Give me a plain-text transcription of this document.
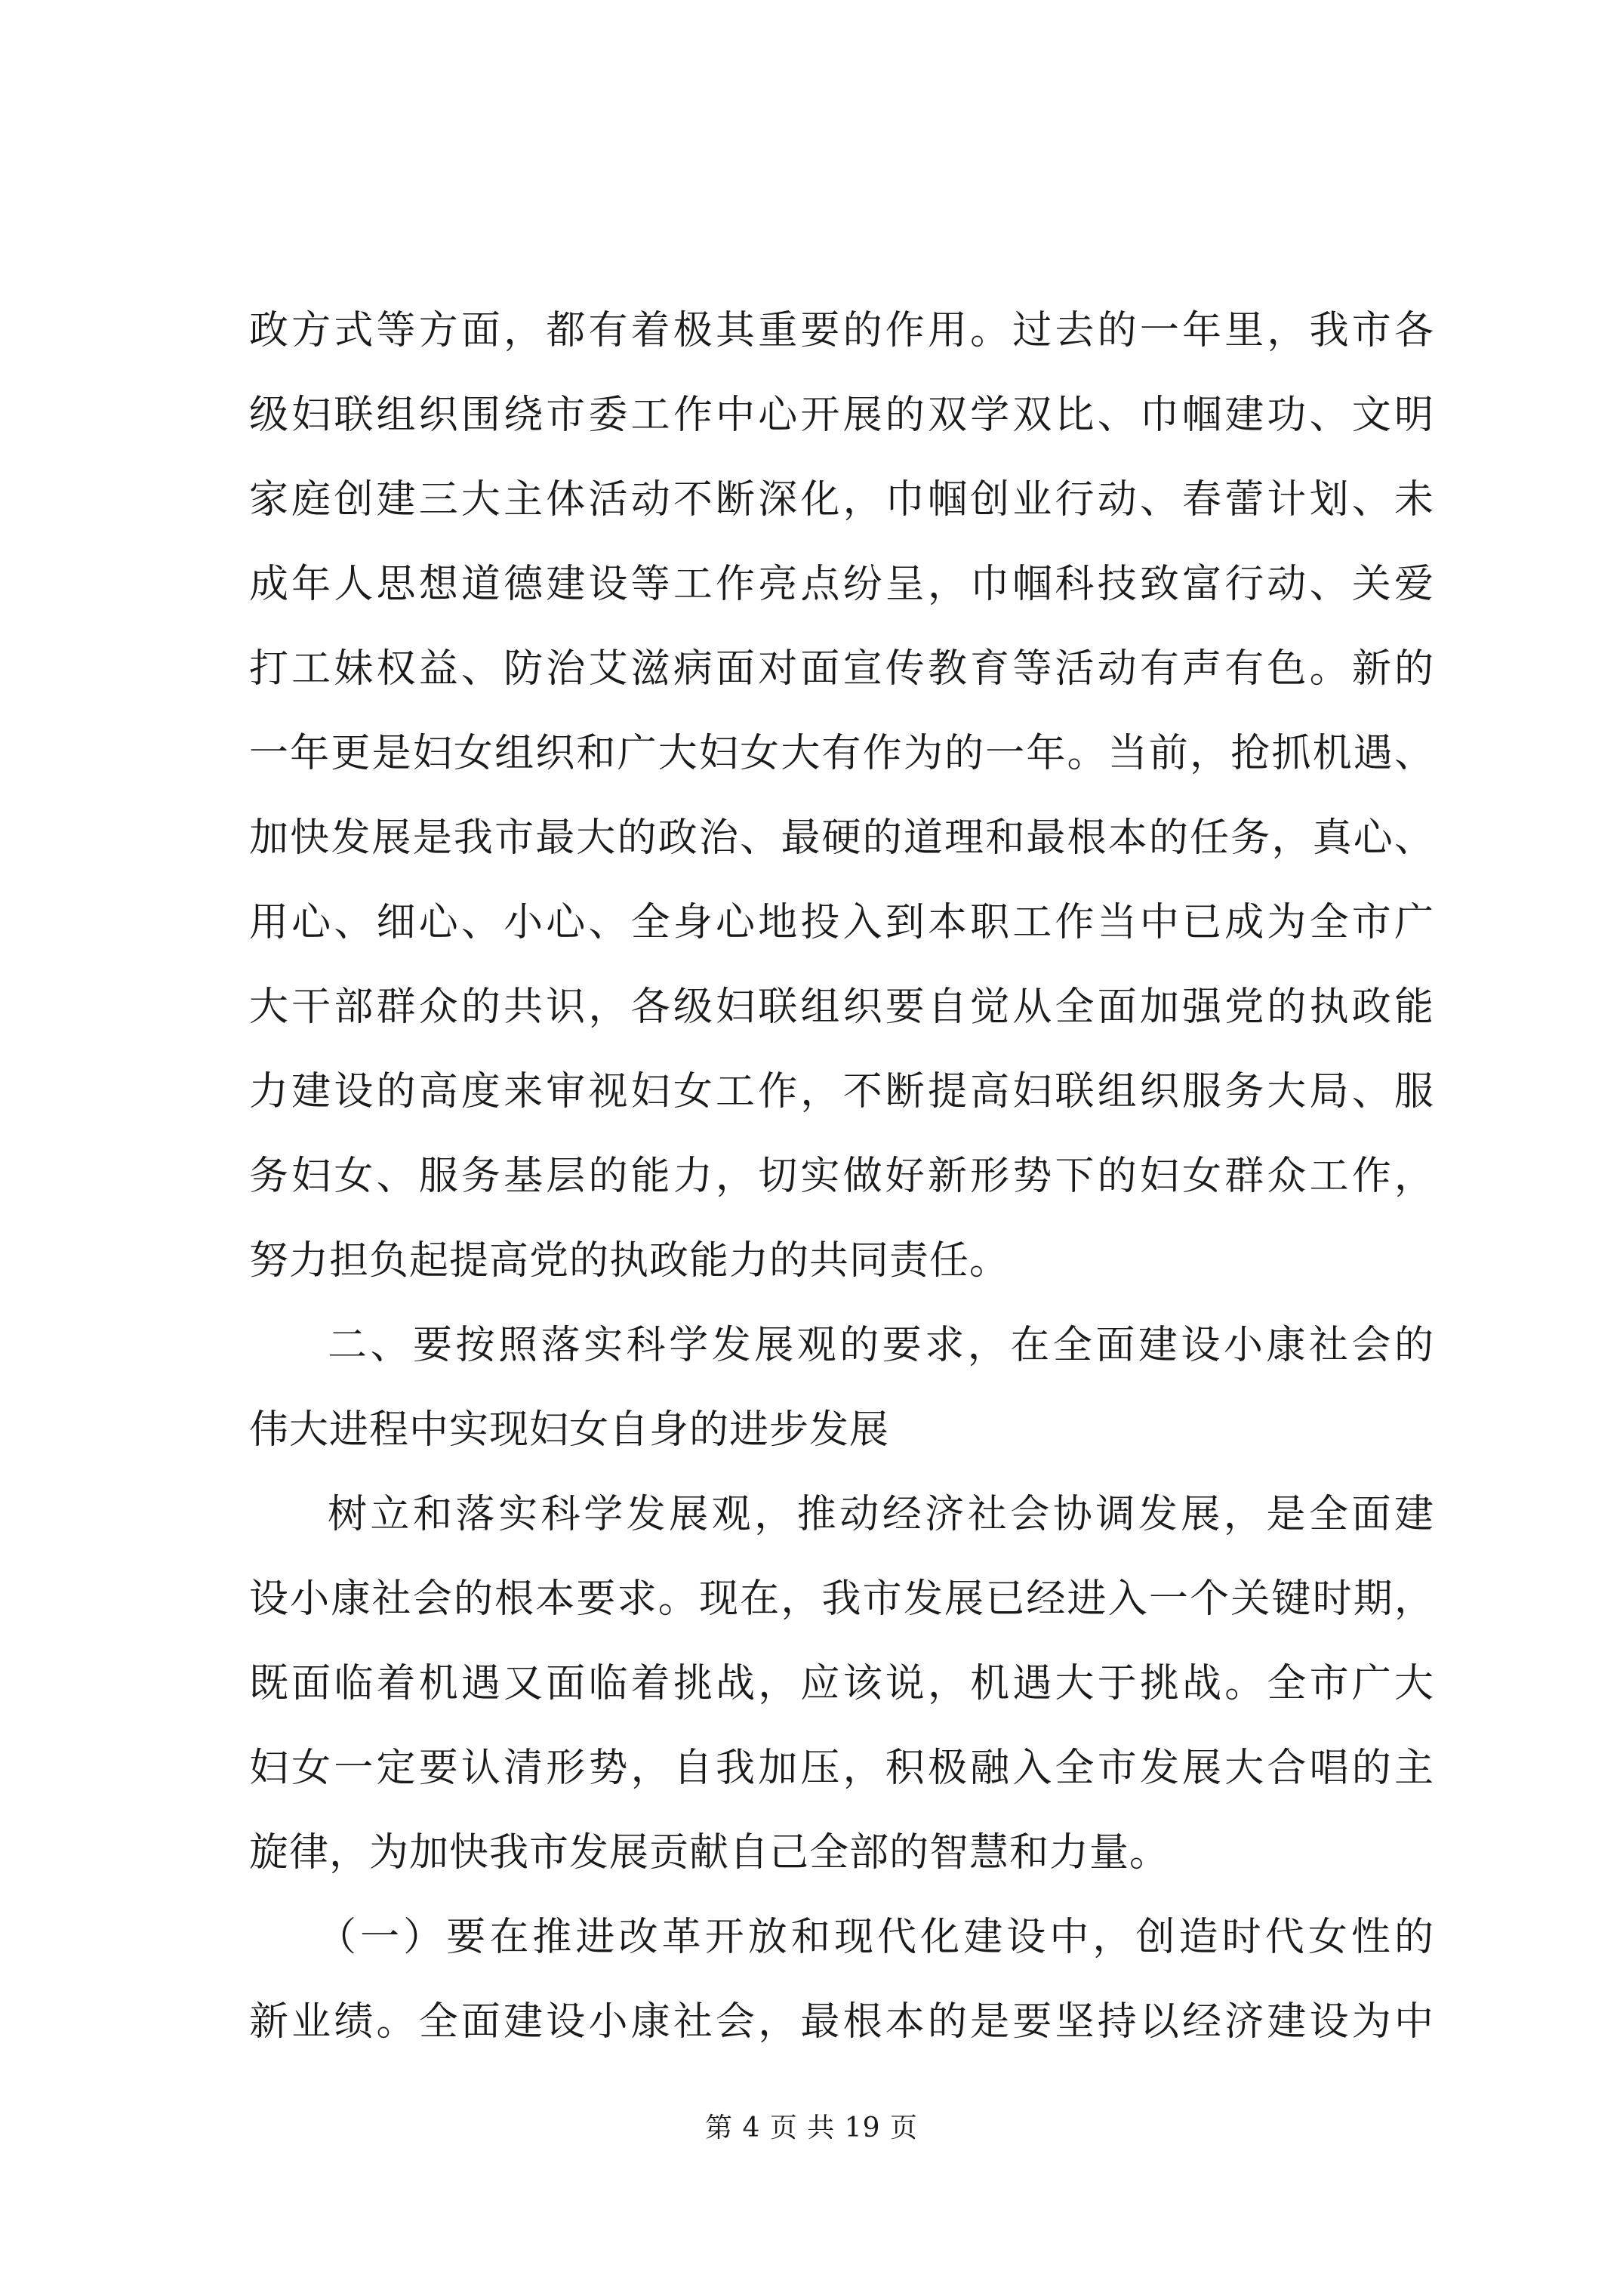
政方式等方面，都有着极其重要的作用。过去的一年里，我市各
级妇联组织围绕市委工作中心开展的双学双比、巾帼建功、文明
家庭创建三大主体活动不断深化，巾帼创业行动、春蕾计划、未
成年人思想道德建设等工作亮点纷呈，巾帼科技致富行动、关爱
打工妹权益、防治艾滋病面对面宣传教育等活动有声有色。新的
一年更是妇女组织和广大妇女大有作为的一年。当前，抢抓机遇、
加快发展是我市最大的政治、最硬的道理和最根本的任务，真心、
用心、细心、小心、全身心地投入到本职工作当中已成为全市广
大干部群众的共识，各级妇联组织要自觉从全面加强党的执政能
力建设的高度来审视妇女工作，不断提高妇联组织服务大局、服
务妇女、服务基层的能力，切实做好新形势下的妇女群众工作，
努力担负起提高党的执政能力的共同责任。
二、要按照落实科学发展观的要求，在全面建设小康社会的
伟大进程中实现妇女自身的进步发展
树立和落实科学发展观，推动经济社会协调发展，是全面建
设小康社会的根本要求。现在，我市发展已经进入一个关键时期，
既面临着机遇又面临着挑战，应该说，机遇大于挑战。全市广大
妇女一定要认清形势，自我加压，积极融入全市发展大合唱的主
旋律，为加快我市发展贡献自己全部的智慧和力量。
（一）要在推进改革开放和现代化建设中，创造时代女性的
新业绩。全面建设小康社会，最根本的是要坚持以经济建设为中
第 4 页 共 19 页
